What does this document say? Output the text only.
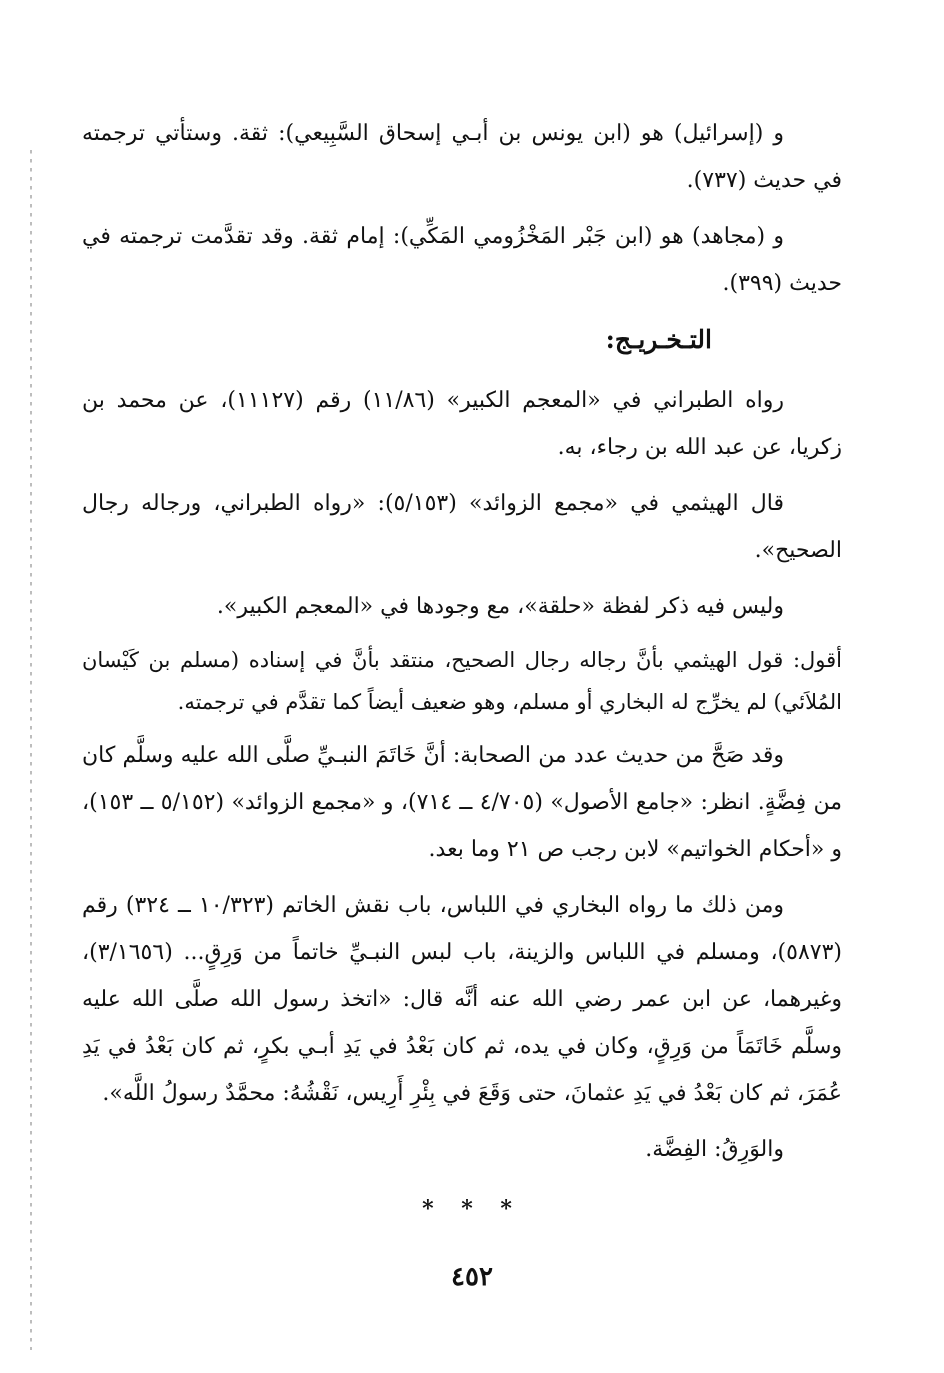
و (إسرائيل) هو (ابن يونس بن أبـي إسحاق السَّبِيعي): ثقة. وستأتي ترجمته في حديث (٧٣٧).

و (مجاهد) هو (ابن جَبْر المَخْزُومي المَكِّي): إمام ثقة. وقد تقدَّمت ترجمته في حديث (٣٩٩).

التـخـريـج:

رواه الطبراني في «المعجم الكبير» (١١/٨٦) رقم (١١١٢٧)، عن محمد بن زكريا، عن عبد الله بن رجاء، به.

قال الهيثمي في «مجمع الزوائد» (٥/١٥٣): «رواه الطبراني، ورجاله رجال الصحيح».

وليس فيه ذكر لفظة «حلقة»، مع وجودها في «المعجم الكبير».

أقول: قول الهيثمي بأنَّ رجاله رجال الصحيح، منتقد بأنَّ في إسناده (مسلم بن كَيْسان المُلاَئي) لم يخرِّج له البخاري أو مسلم، وهو ضعيف أيضاً كما تقدَّم في ترجمته.

وقد صَحَّ من حديث عدد من الصحابة: أنَّ خَاتَمَ النبـيِّ صلَّى الله عليه وسلَّم كان من فِضَّةٍ. انظر: «جامع الأصول» (٤/٧٠٥ ــ ٧١٤)، و «مجمع الزوائد» (٥/١٥٢ ــ ١٥٣)، و «أحكام الخواتيم» لابن رجب ص ٢١ وما بعد.

ومن ذلك ما رواه البخاري في اللباس، باب نقش الخاتم (١٠/٣٢٣ ــ ٣٢٤) رقم (٥٨٧٣)، ومسلم في اللباس والزينة، باب لبس النبـيِّ خاتماً من وَرِقٍ... (٣/١٦٥٦)، وغيرهما، عن ابن عمر رضي الله عنه أنَّه قال: «اتخذ رسول الله صلَّى الله عليه وسلَّم خَاتَمَاً من وَرِقٍ، وكان في يده، ثم كان بَعْدُ في يَدِ أبـي بكرٍ، ثم كان بَعْدُ في يَدِ عُمَرَ، ثم كان بَعْدُ في يَدِ عثمانَ، حتى وَقَعَ في بِئْرِ أَرِيس، نَقْشُهُ: محمَّدٌ رسولُ اللَّه».

والوَرِقُ: الفِضَّة.

* * *
٤٥٢
